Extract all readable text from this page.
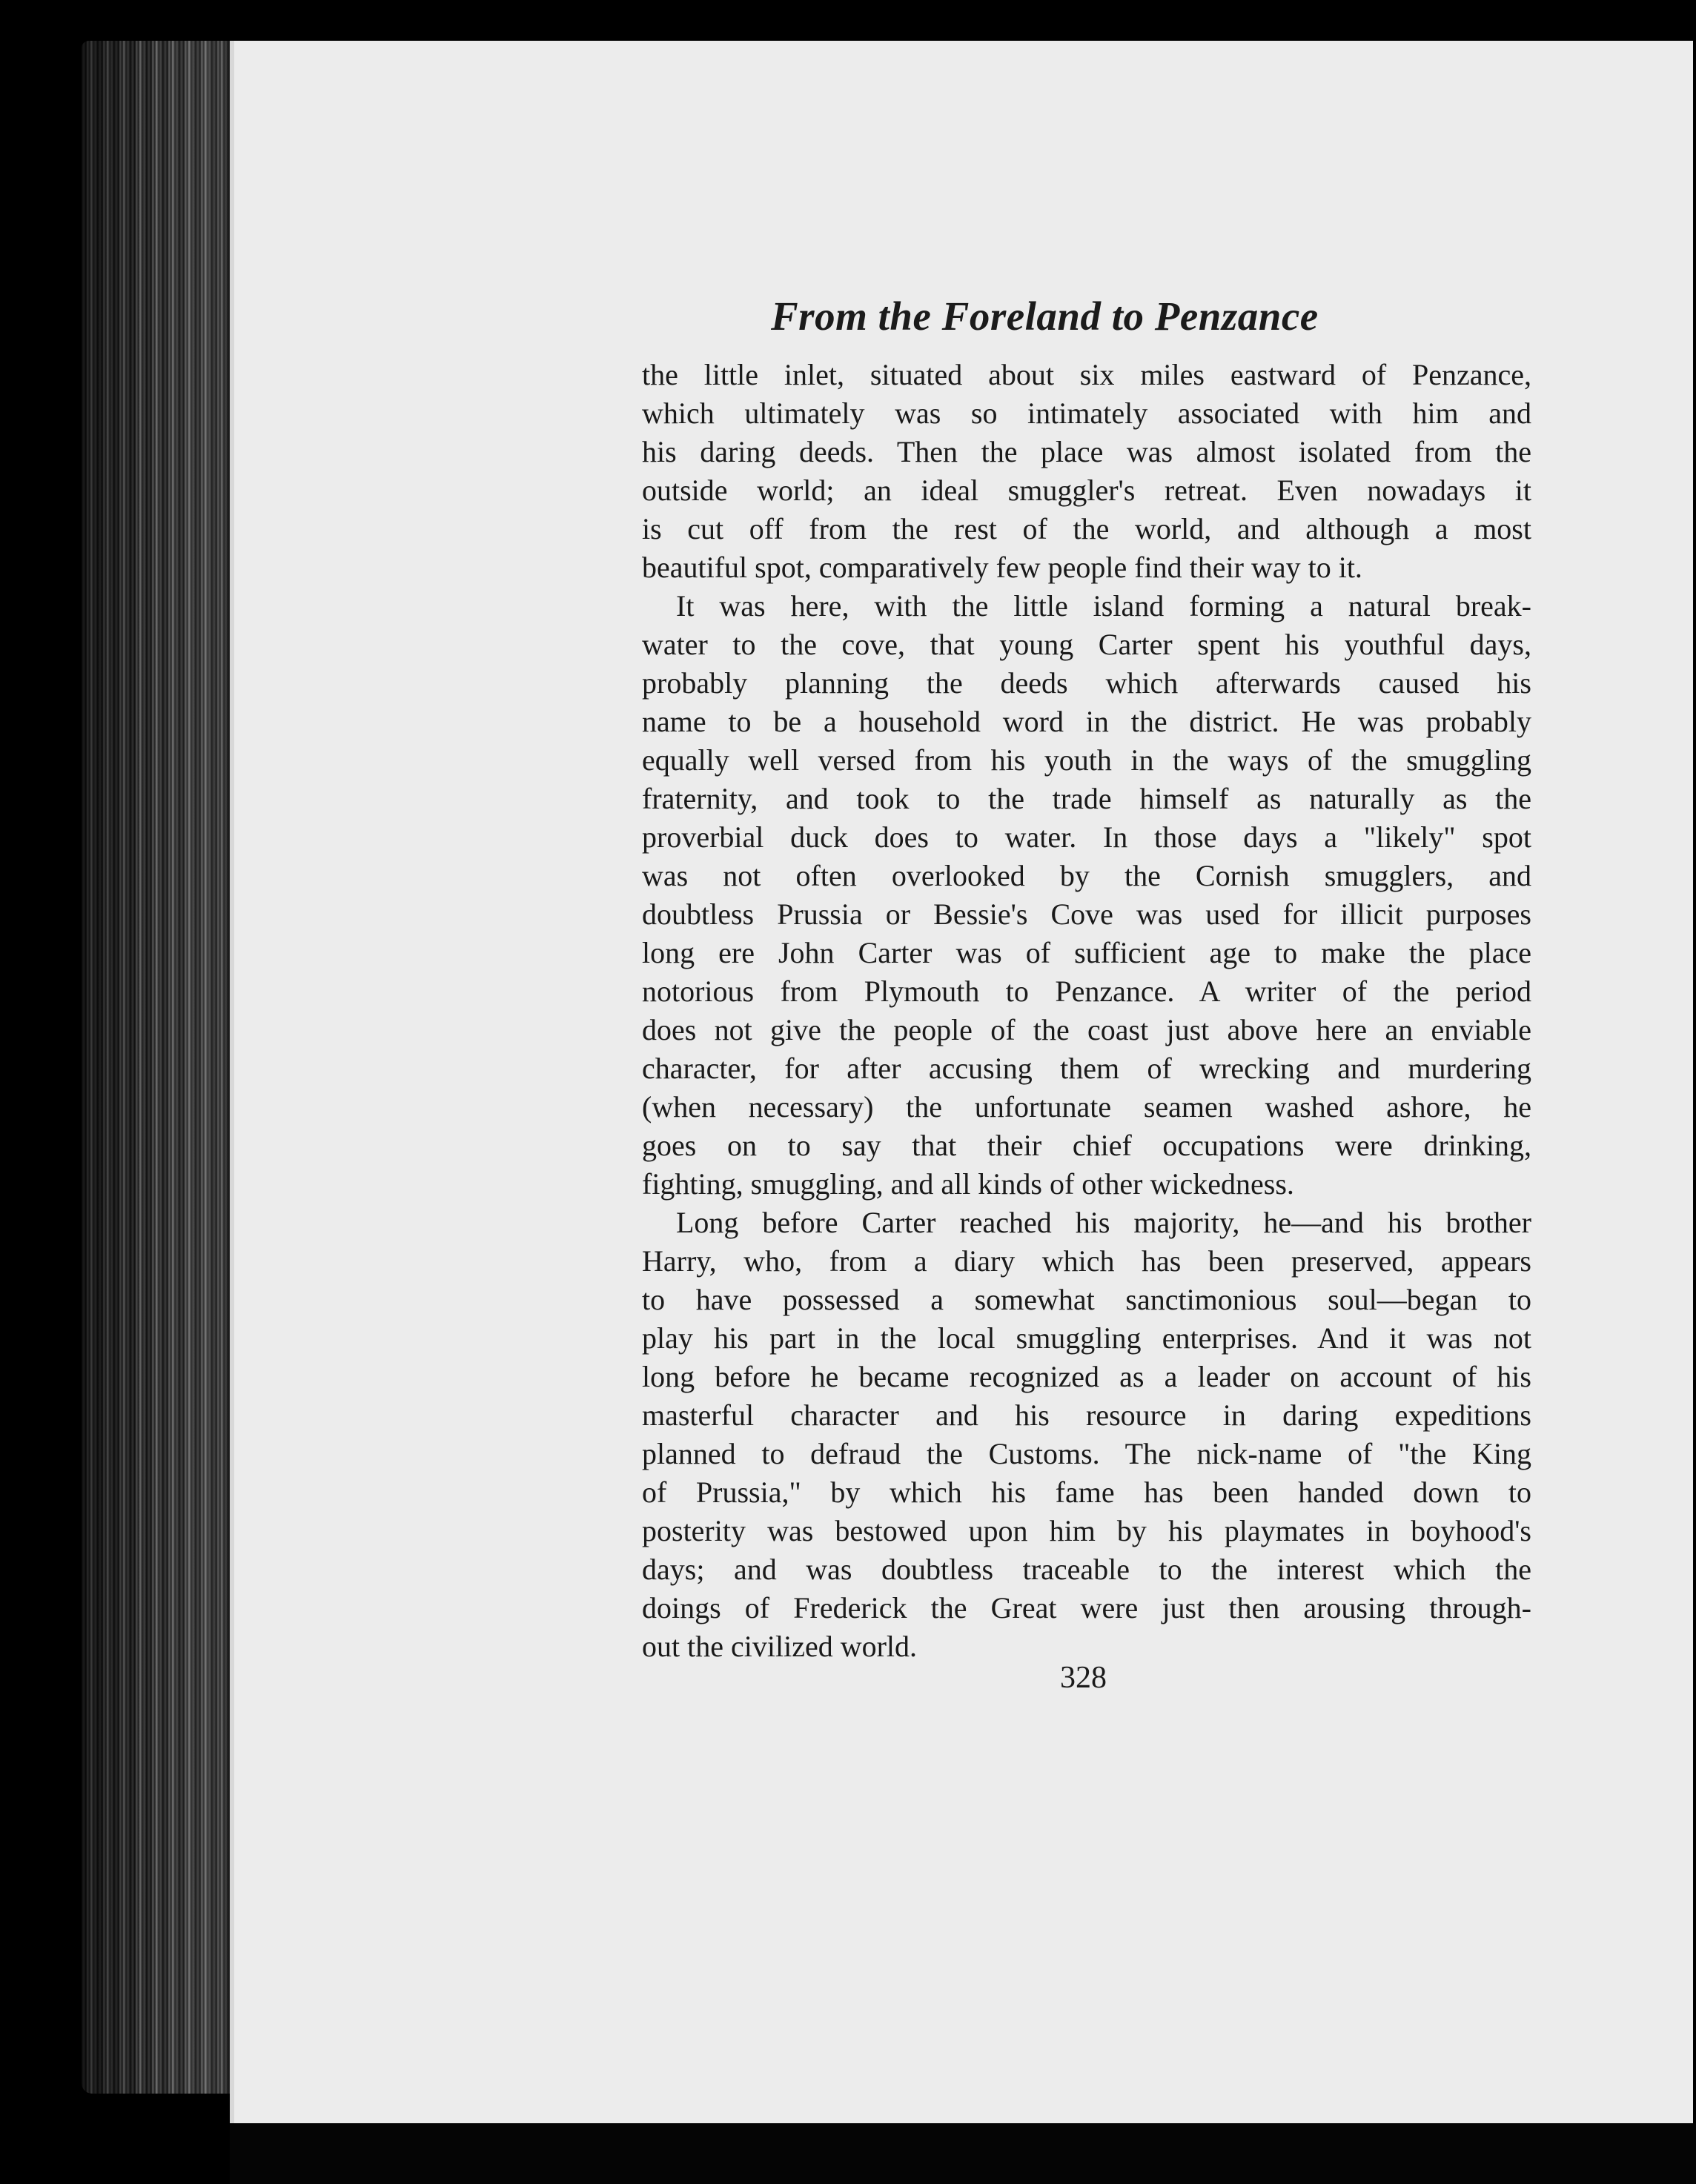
From the Foreland to Penzance
the little inlet, situated about six miles eastward of Penzance,
which ultimately was so intimately associated with him and
his daring deeds. Then the place was almost isolated from the
outside world; an ideal smuggler's retreat. Even nowadays it
is cut off from the rest of the world, and although a most
beautiful spot, comparatively few people find their way to it.
It was here, with the little island forming a natural break-
water to the cove, that young Carter spent his youthful days,
probably planning the deeds which afterwards caused his
name to be a household word in the district. He was probably
equally well versed from his youth in the ways of the smuggling
fraternity, and took to the trade himself as naturally as the
proverbial duck does to water. In those days a "likely" spot
was not often overlooked by the Cornish smugglers, and
doubtless Prussia or Bessie's Cove was used for illicit purposes
long ere John Carter was of sufficient age to make the place
notorious from Plymouth to Penzance. A writer of the period
does not give the people of the coast just above here an enviable
character, for after accusing them of wrecking and murdering
(when necessary) the unfortunate seamen washed ashore, he
goes on to say that their chief occupations were drinking,
fighting, smuggling, and all kinds of other wickedness.
Long before Carter reached his majority, he—and his brother
Harry, who, from a diary which has been preserved, appears
to have possessed a somewhat sanctimonious soul—began to
play his part in the local smuggling enterprises. And it was not
long before he became recognized as a leader on account of his
masterful character and his resource in daring expeditions
planned to defraud the Customs. The nick-name of "the King
of Prussia," by which his fame has been handed down to
posterity was bestowed upon him by his playmates in boyhood's
days; and was doubtless traceable to the interest which the
doings of Frederick the Great were just then arousing through-
out the civilized world.
328
